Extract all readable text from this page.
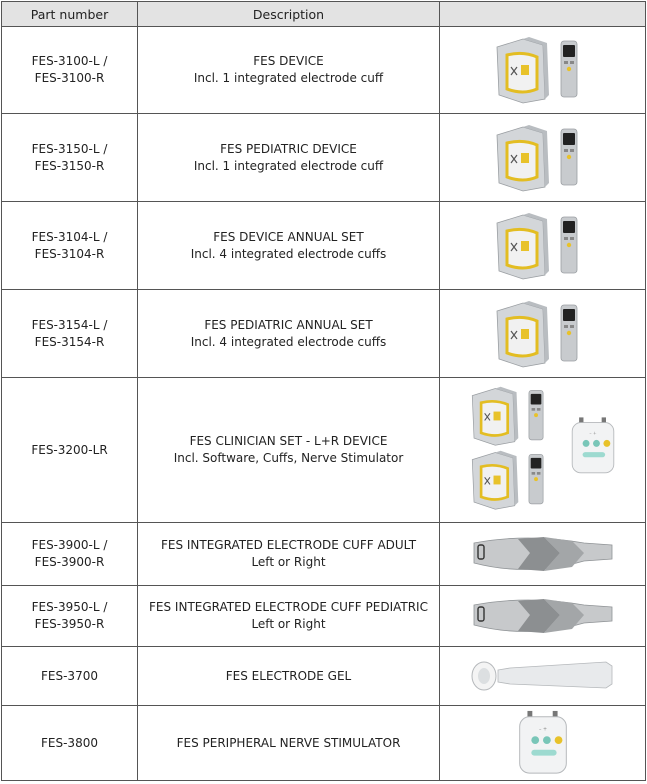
Part number	Description	

FES-3100-L /
FES-3100-R	FES DEVICE
Incl. 1 integrated electrode cuff

FES-3150-L /
FES-3150-R	FES PEDIATRIC DEVICE
Incl. 1 integrated electrode cuff

FES-3104-L /
FES-3104-R	FES DEVICE ANNUAL SET
Incl. 4 integrated electrode cuffs

FES-3154-L /
FES-3154-R	FES PEDIATRIC ANNUAL SET
Incl. 4 integrated electrode cuffs

FES-3200-LR	FES CLINICIAN SET - L+R DEVICE
Incl. Software, Cuffs, Nerve Stimulator

FES-3900-L /
FES-3900-R	FES INTEGRATED ELECTRODE CUFF ADULT
Left or Right

FES-3950-L /
FES-3950-R	FES INTEGRATED ELECTRODE CUFF PEDIATRIC
Left or Right

FES-3700	FES ELECTRODE GEL

FES-3800	FES PERIPHERAL NERVE STIMULATOR
